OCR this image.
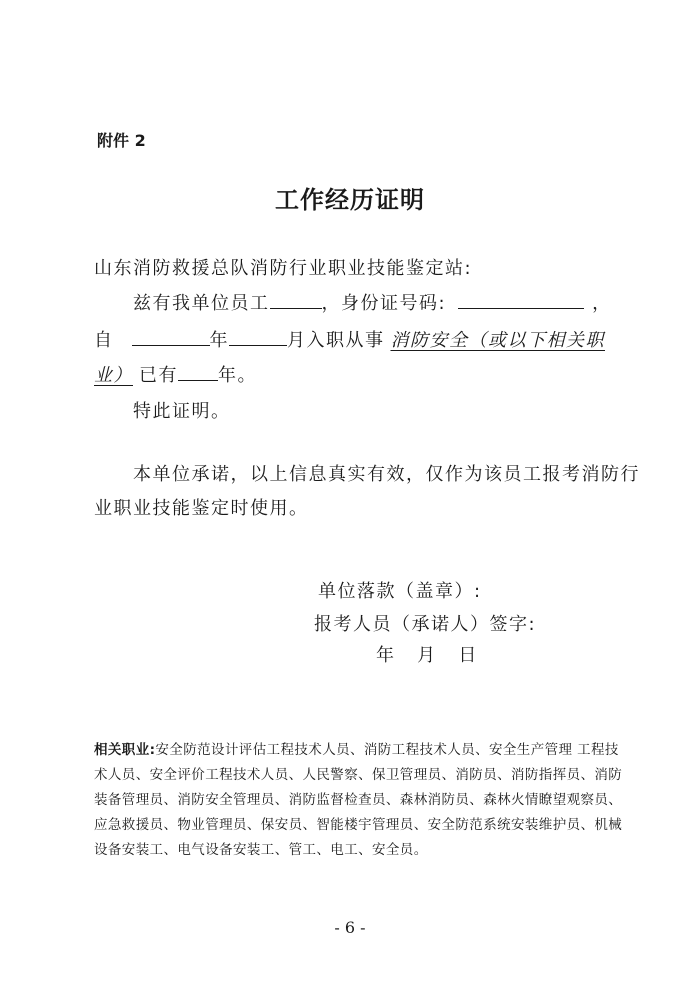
附件 2
工作经历证明
山东消防救援总队消防行业职业技能鉴定站:
兹有我单位员工	，身份证号码:	，
自	年	月入职从事 消防安全（或以下相关职
业） 已有 年。
特此证明。
本单位承诺，以上信息真实有效，仅作为该员工报考消防行
业职业技能鉴定时使用。
单位落款（盖章）:
报考人员（承诺人）签字:
年   月   日
相关职业:安全防范设计评估工程技术人员、消防工程技术人员、安全生产管理 工程技术人员、安全评价工程技术人员、人民警察、保卫管理员、消防员、消防指挥员、消防装备管理员、消防安全管理员、消防监督检查员、森林消防员、森林火情瞭望观察员、应急救援员、物业管理员、保安员、智能楼宇管理员、安全防范系统安装维护员、机械设备安装工、电气设备安装工、管工、电工、安全员。
- 6 -
